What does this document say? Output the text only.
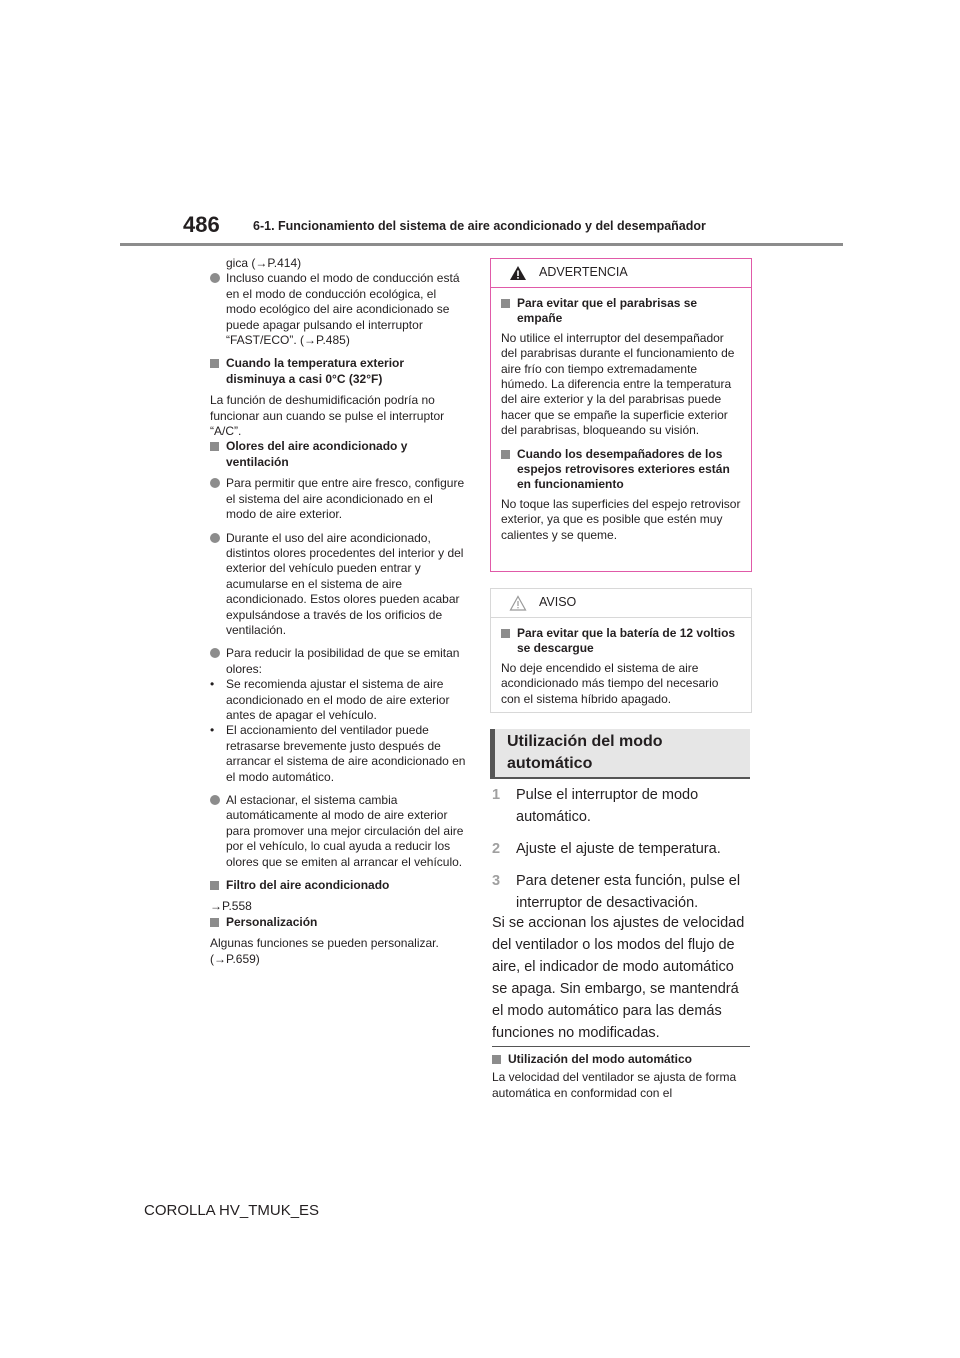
486	6-1. Funcionamiento del sistema de aire acondicionado y del desempañador

gica (→P.414)

Incluso cuando el modo de conducción está en el modo de conducción ecológica, el modo ecológico del aire acondicionado se puede apagar pulsando el interruptor “FAST/ECO”. (→P.485)
Cuando la temperatura exterior disminuya a casi 0°C (32°F)

La función de deshumidificación podría no funcionar aun cuando se pulse el interruptor “A/C”.

Olores del aire acondicionado y ventilación
Para permitir que entre aire fresco, configure el sistema del aire acondicionado en el modo de aire exterior.
Durante el uso del aire acondicionado, distintos olores procedentes del interior y del exterior del vehículo pueden entrar y acumularse en el sistema de aire acondicionado. Estos olores pueden acabar expulsándose a través de los orificios de ventilación.
Para reducir la posibilidad de que se emitan olores:
• Se recomienda ajustar el sistema de aire acondicionado en el modo de aire exterior antes de apagar el vehículo.
• El accionamiento del ventilador puede retrasarse brevemente justo después de arrancar el sistema de aire acondicionado en el modo automático.
Al estacionar, el sistema cambia automáticamente al modo de aire exterior para promover una mejor circulación del aire por el vehículo, lo cual ayuda a reducir los olores que se emiten al arrancar el vehículo.
Filtro del aire acondicionado

→P.558

Personalización

Algunas funciones se pueden personalizar. (→P.659)

ADVERTENCIA
Para evitar que el parabrisas se empañe

No utilice el interruptor del desempañador del parabrisas durante el funcionamiento de aire frío con tiempo extremadamente húmedo. La diferencia entre la temperatura del aire exterior y la del parabrisas puede hacer que se empañe la superficie exterior del parabrisas, bloqueando su visión.

Cuando los desempañadores de los espejos retrovisores exteriores están en funcionamiento

No toque las superficies del espejo retrovisor exterior, ya que es posible que estén muy calientes y se queme.

AVISO
Para evitar que la batería de 12 voltios se descargue

No deje encendido el sistema de aire acondicionado más tiempo del necesario con el sistema híbrido apagado.

Utilización del modo automático
1 Pulse el interruptor de modo automático.
2 Ajuste el ajuste de temperatura.
3 Para detener esta función, pulse el interruptor de desactivación.

Si se accionan los ajustes de velocidad del ventilador o los modos del flujo de aire, el indicador de modo automático se apaga. Sin embargo, se mantendrá el modo automático para las demás funciones no modificadas.

Utilización del modo automático

La velocidad del ventilador se ajusta de forma automática en conformidad con el

COROLLA HV_TMUK_ES
